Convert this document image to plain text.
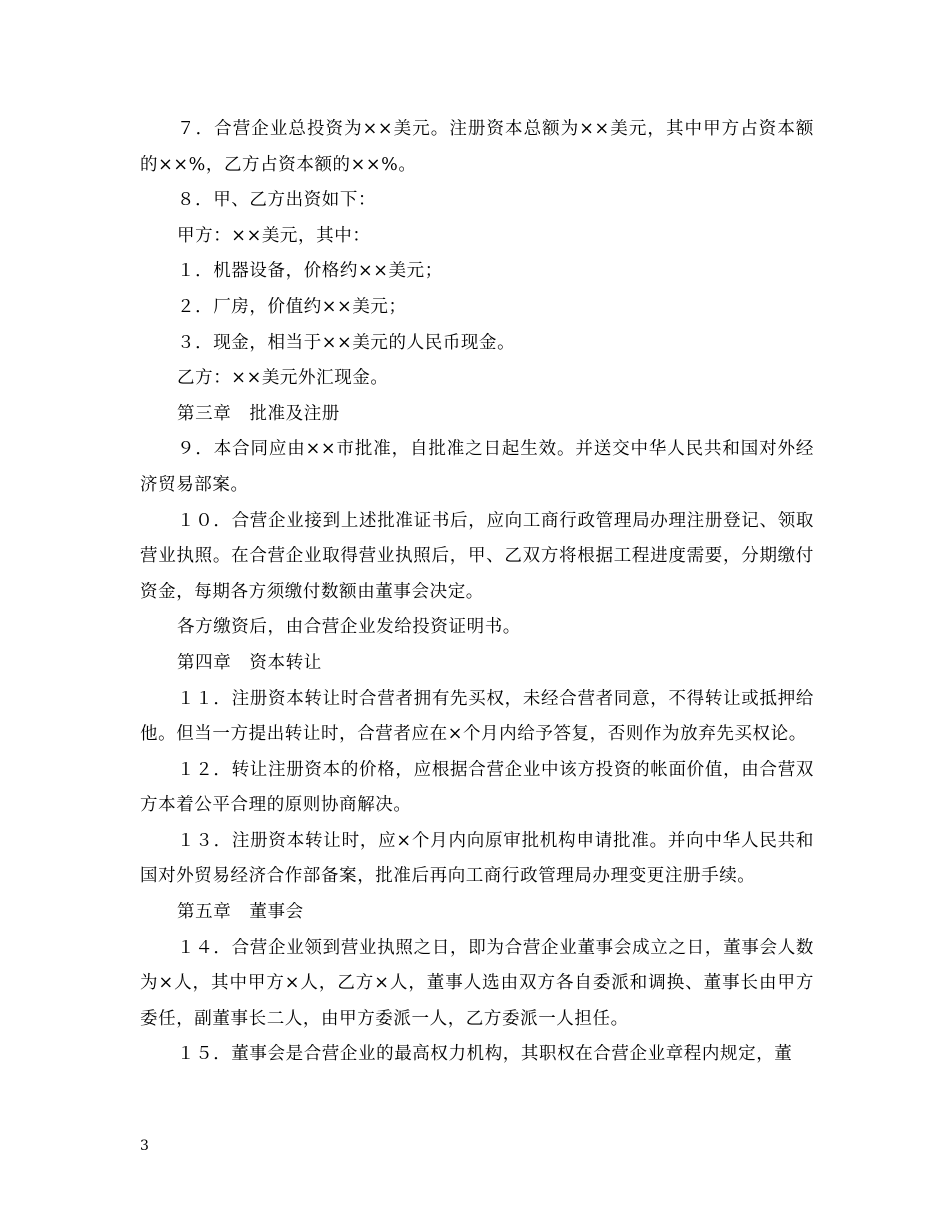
７．合营企业总投资为××美元。注册资本总额为××美元，其中甲方占资本额的××%，乙方占资本额的××%。

８．甲、乙方出资如下：

甲方：××美元，其中：

１．机器设备，价格约××美元；

２．厂房，价值约××美元；

３．现金，相当于××美元的人民币现金。

乙方：××美元外汇现金。

第三章　批准及注册

９．本合同应由××市批准，自批准之日起生效。并送交中华人民共和国对外经济贸易部案。

１０．合营企业接到上述批准证书后，应向工商行政管理局办理注册登记、领取营业执照。在合营企业取得营业执照后，甲、乙双方将根据工程进度需要，分期缴付资金，每期各方须缴付数额由董事会决定。

各方缴资后，由合营企业发给投资证明书。

第四章　资本转让

１１．注册资本转让时合营者拥有先买权，未经合营者同意，不得转让或抵押给他。但当一方提出转让时，合营者应在×个月内给予答复，否则作为放弃先买权论。

１２．转让注册资本的价格，应根据合营企业中该方投资的帐面价值，由合营双方本着公平合理的原则协商解决。

１３．注册资本转让时，应×个月内向原审批机构申请批准。并向中华人民共和国对外贸易经济合作部备案，批准后再向工商行政管理局办理变更注册手续。

第五章　董事会

１４．合营企业领到营业执照之日，即为合营企业董事会成立之日，董事会人数为×人，其中甲方×人，乙方×人，董事人选由双方各自委派和调换、董事长由甲方委任，副董事长二人，由甲方委派一人，乙方委派一人担任。

１５．董事会是合营企业的最高权力机构，其职权在合营企业章程内规定，董

3
